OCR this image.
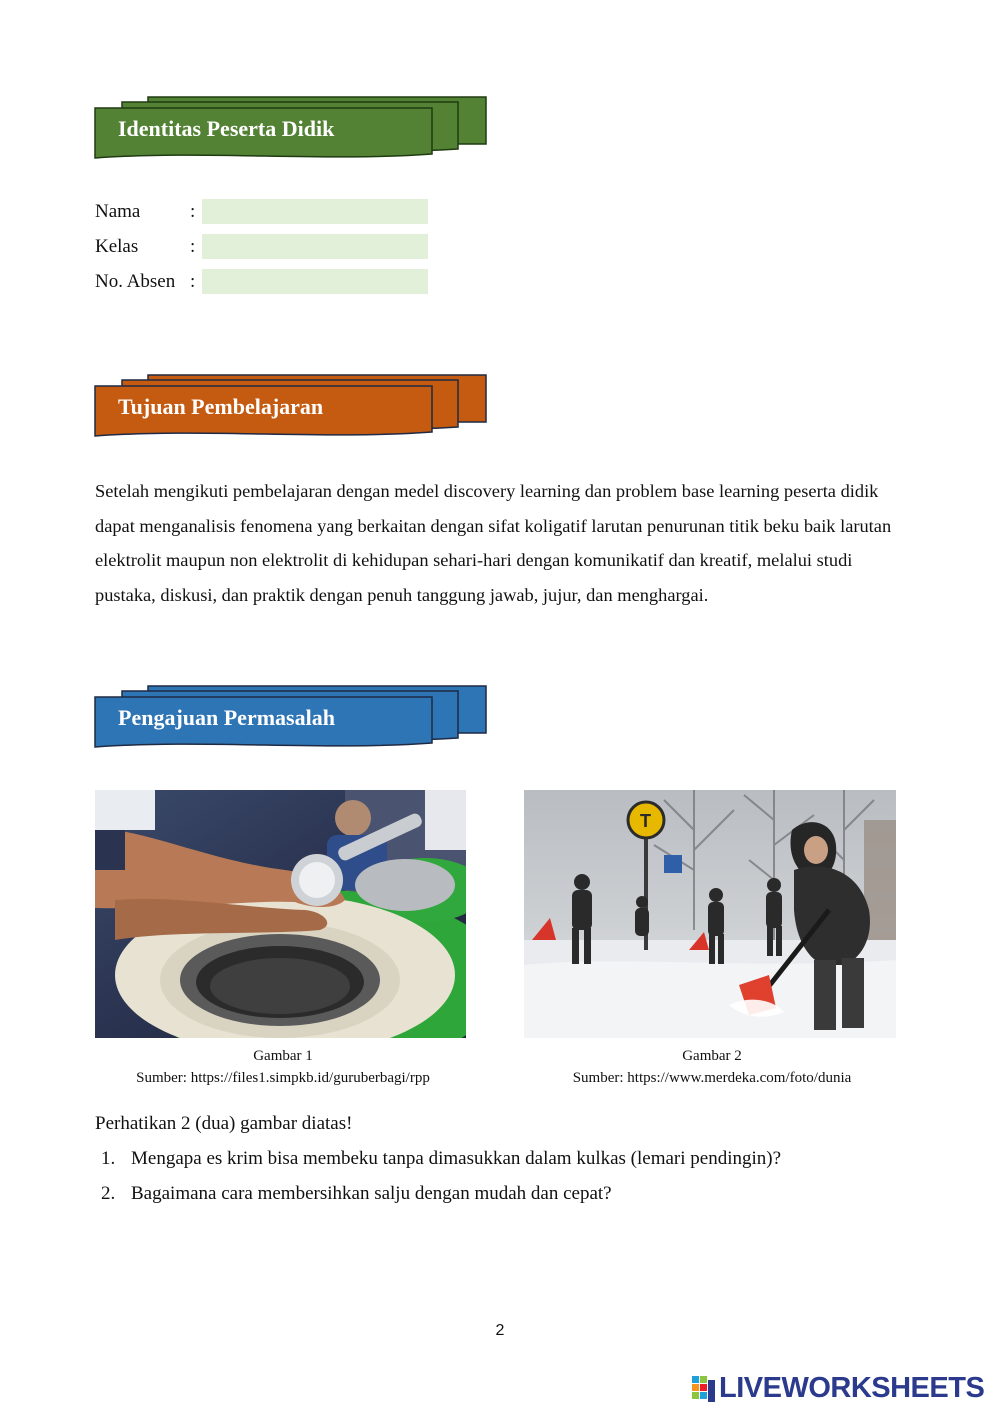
Identitas Peserta Didik
Nama	:
Kelas	:
No. Absen :
Tujuan Pembelajaran

Setelah mengikuti pembelajaran dengan medel discovery learning dan problem base learning peserta didik dapat menganalisis fenomena yang berkaitan dengan sifat koligatif larutan penurunan titik beku baik larutan elektrolit maupun non elektrolit di kehidupan sehari-hari dengan komunikatif dan kreatif, melalui studi pustaka, diskusi, dan praktik dengan penuh tanggung jawab, jujur, dan menghargai.

Pengajuan Permasalah
T
Gambar 1
Sumber: https://files1.simpkb.id/guruberbagi/rpp
Gambar 2
Sumber: https://www.merdeka.com/foto/dunia
Perhatikan 2 (dua) gambar diatas!
1. Mengapa es krim bisa membeku tanpa dimasukkan dalam kulkas (lemari pendingin)?
2. Bagaimana cara membersihkan salju dengan mudah dan cepat?
2
LIVEWORKSHEETS
